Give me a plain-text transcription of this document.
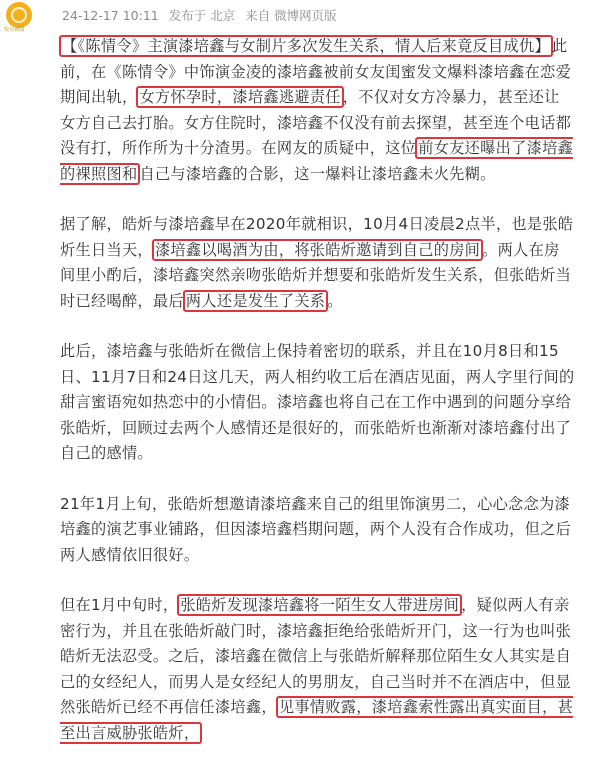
饭点新闻
24-12-17 10:11 发布于 北京 来自 微博网页版

【《陈情令》主演漆培鑫与女制片多次发生关系，情人后来竟反目成仇】 此前，在《陈情令》中饰演金凌的漆培鑫被前女友闺蜜发文爆料漆培鑫在恋爱期间出轨， 女方怀孕时，漆培鑫逃避责任 ，不仅对女方冷暴力，甚至还让女方自己去打胎。女方住院时，漆培鑫不仅没有前去探望，甚至连个电话都没有打，所作所为十分渣男。在网友的质疑中，这位 前女友还曝出了漆培鑫的裸照图和 自己与漆培鑫的合影，这一爆料让漆培鑫未火先糊。

据了解，皓炘与漆培鑫早在2020年就相识，10月4日凌晨2点半，也是张皓炘生日当天， 漆培鑫以喝酒为由，将张皓炘邀请到自己的房间 。两人在房间里小酌后，漆培鑫突然亲吻张皓炘并想要和张皓炘发生关系，但张皓炘当时已经喝醉，最后 两人还是发生了关系 。

此后，漆培鑫与张皓炘在微信上保持着密切的联系，并且在10月8日和15日、11月7日和24日这几天，两人相约收工后在酒店见面，两人字里行间的甜言蜜语宛如热恋中的小情侣。漆培鑫也将自己在工作中遇到的问题分享给张皓炘，回顾过去两个人感情还是很好的，而张皓炘也渐渐对漆培鑫付出了自己的感情。

21年1月上旬，张皓炘想邀请漆培鑫来自己的组里饰演男二，心心念念为漆培鑫的演艺事业铺路，但因漆培鑫档期问题，两个人没有合作成功，但之后两人感情依旧很好。

但在1月中旬时， 张皓炘发现漆培鑫将一陌生女人带进房间 ，疑似两人有亲密行为，并且在张皓炘敲门时，漆培鑫拒绝给张皓炘开门，这一行为也叫张皓炘无法忍受。之后，漆培鑫在微信上与张皓炘解释那位陌生女人其实是自己的女经纪人，而男人是女经纪人的男朋友，自己当时并不在酒店中，但显然张皓炘已经不再信任漆培鑫， 见事情败露，漆培鑫索性露出真实面目，甚至出言威胁张皓炘，
